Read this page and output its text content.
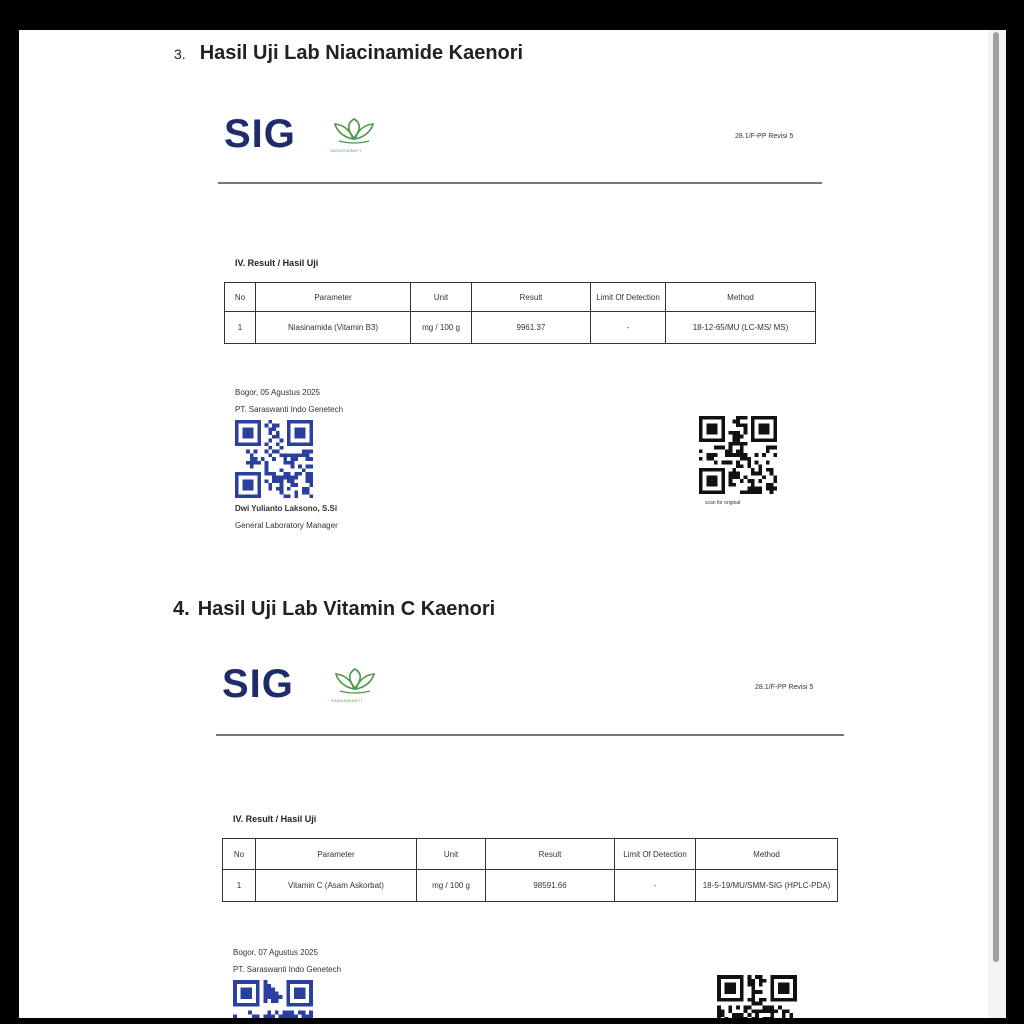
3. Hasil Uji Lab Niacinamide Kaenori
SIG	SARASWANTI
28.1/F-PP Revisi 5
IV. Result / Hasil Uji
No	Parameter	Unit	Result	Limit Of Detection	Method
1	Niasinamida (Vitamin B3)	mg / 100 g	9961.37	-	18-12-65/MU (LC-MS/ MS)
Bogor, 05 Agustus 2025
PT. Saraswanti Indo Genetech
Dwi Yulianto Laksono, S.Si
General Laboratory Manager
scan for original
4. Hasil Uji Lab Vitamin C Kaenori
SIG	SARASWANTI
28.1/F-PP Revisi 5
IV. Result / Hasil Uji
No	Parameter	Unit	Result	Limit Of Detection	Method
1	Vitamin C (Asam Askorbat)	mg / 100 g	98591.66	-	18-5-19/MU/SMM-SIG (HPLC-PDA)
Bogor, 07 Agustus 2025
PT. Saraswanti Indo Genetech
